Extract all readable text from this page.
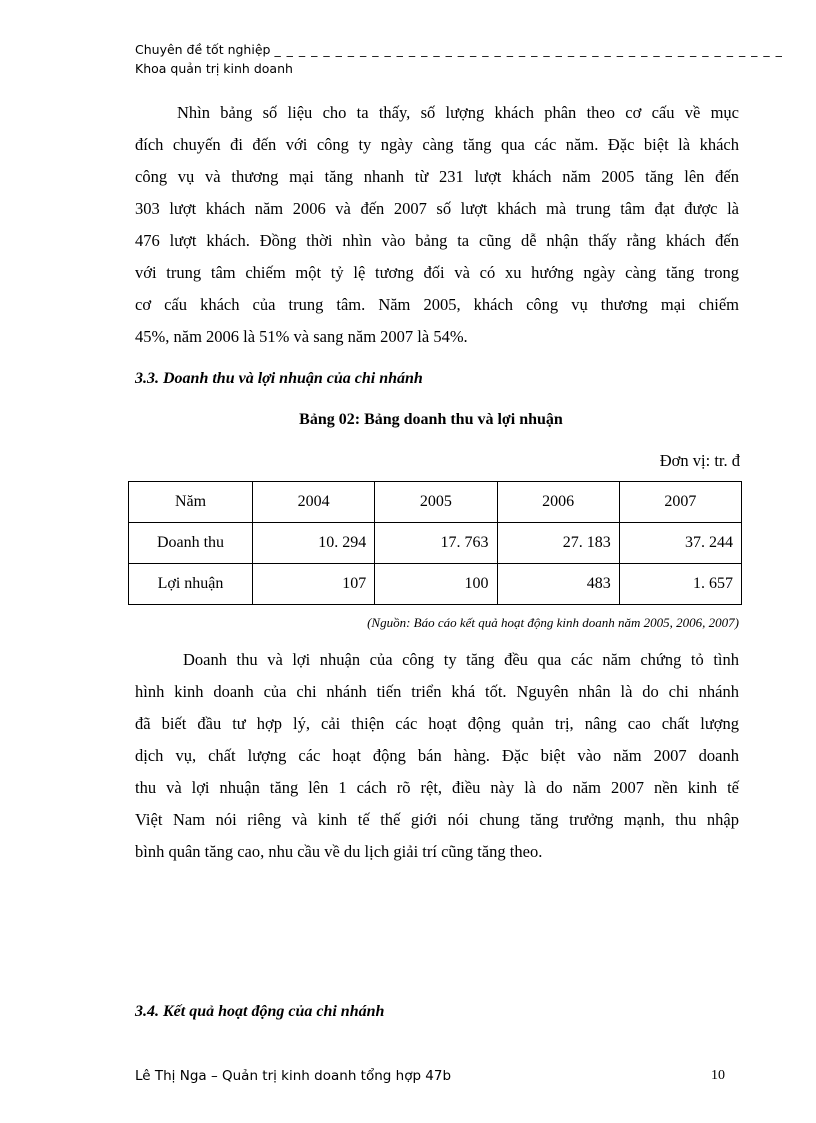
Chuyên đề tốt nghiệp _ _ _ _ _ _ _ _ _ _ _ _ _ _ _ _ _ _ _ _ _ _ _ _ _ _ _ _ _ _ _ _ _ _ _ _ _ _ _ _ _ _
Khoa quản trị kinh doanh
Nhìn bảng số liệu cho ta thấy, số lượng khách phân theo cơ cấu về mục
đích chuyến đi đến với công ty ngày càng tăng qua các năm. Đặc biệt là khách
công vụ và thương mại tăng nhanh từ 231 lượt khách năm 2005 tăng lên đến
303 lượt khách năm 2006 và đến 2007 số lượt khách mà trung tâm đạt được là
476 lượt khách. Đồng thời nhìn vào bảng ta cũng dễ nhận thấy rằng khách đến
với trung tâm chiếm một tỷ lệ tương đối và có xu hướng ngày càng tăng trong
cơ cấu khách của trung tâm. Năm 2005, khách công vụ thương mại chiếm
45%, năm 2006 là 51% và sang năm 2007 là 54%.
3.3. Doanh thu và lợi nhuận của chi nhánh
Bảng 02: Bảng doanh thu và lợi nhuận
Đơn vị: tr. đ
Năm	2004	2005	2006	2007
Doanh thu	10. 294	17. 763	27. 183	37. 244
Lợi nhuận	107	100	483	1. 657
(Nguồn: Báo cáo kết quả hoạt động kinh doanh năm 2005, 2006, 2007)
Doanh thu và lợi nhuận của công ty tăng đều qua các năm chứng tỏ tình
hình kinh doanh của chi nhánh tiến triển khá tốt. Nguyên nhân là do chi nhánh
đã biết đầu tư hợp lý, cải thiện các hoạt động quản trị, nâng cao chất lượng
dịch vụ, chất lượng các hoạt động bán hàng. Đặc biệt vào năm 2007 doanh
thu và lợi nhuận tăng lên 1 cách rõ rệt, điều này là do năm 2007 nền kinh tế
Việt Nam nói riêng và kinh tế thế giới nói chung tăng trưởng mạnh, thu nhập
bình quân tăng cao, nhu cầu về du lịch giải trí cũng tăng theo.
3.4. Kết quả hoạt động của chi nhánh
Lê Thị Nga – Quản trị kinh doanh tổng hợp 47b	10
